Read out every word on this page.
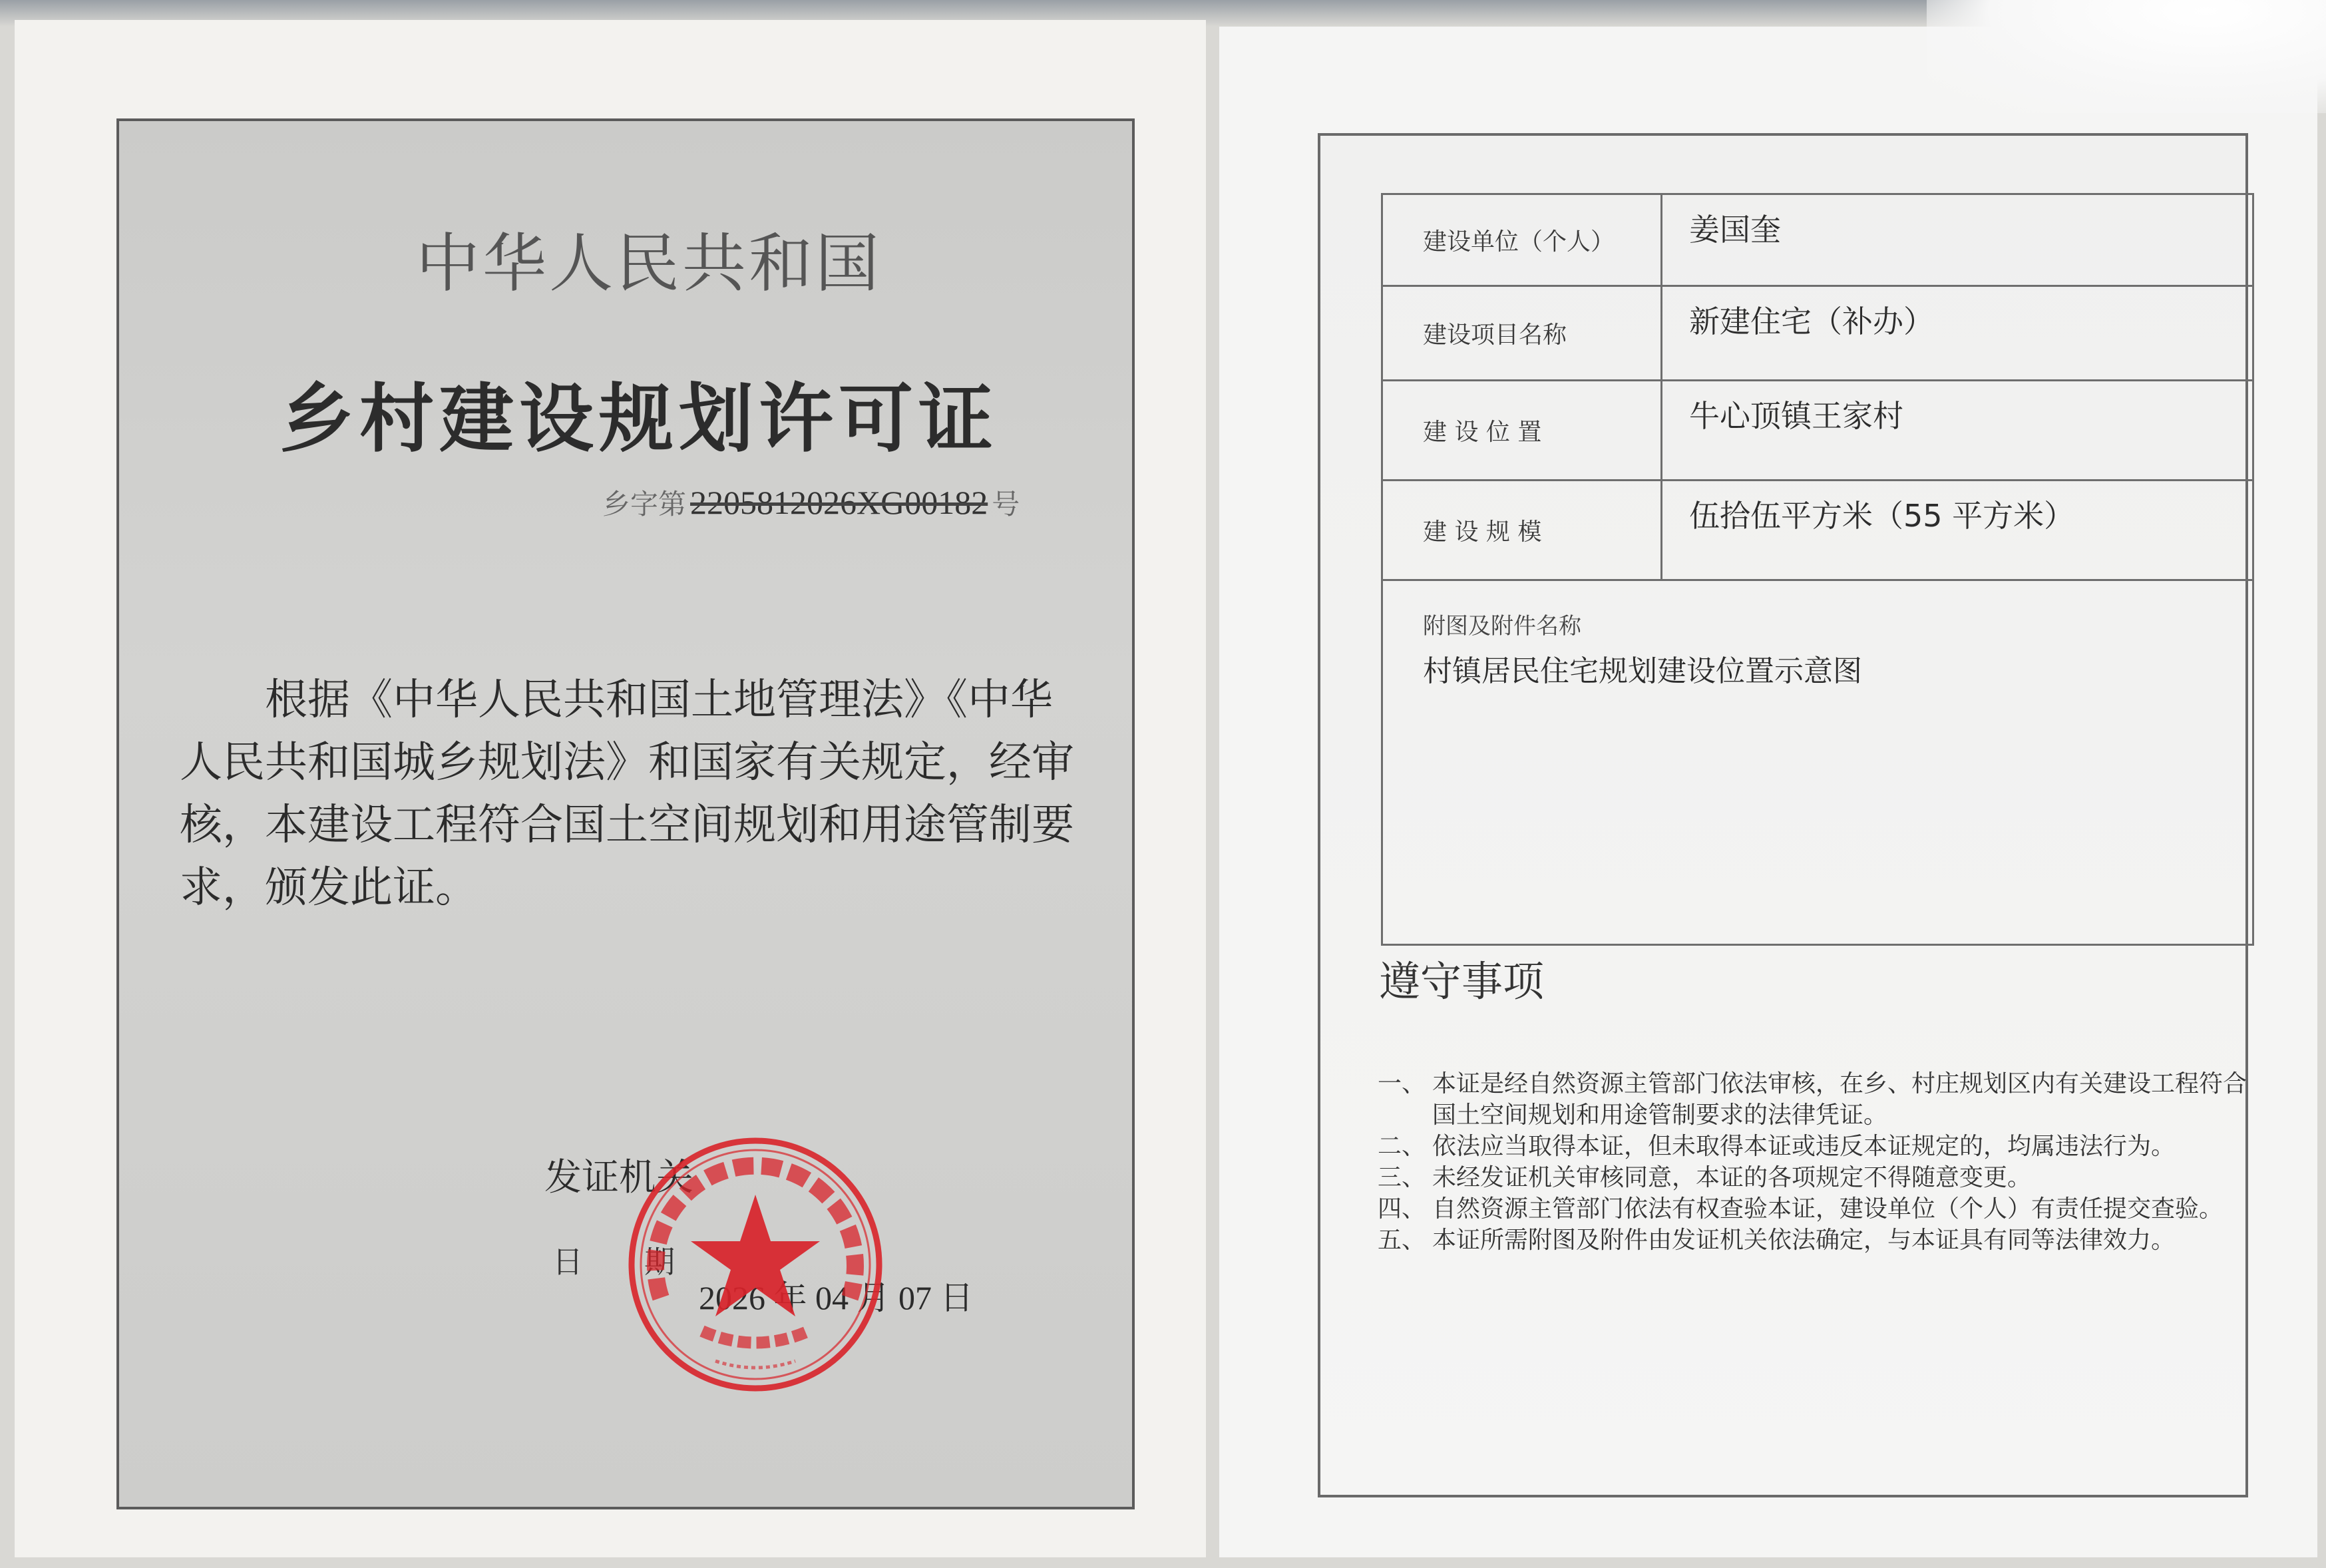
中华人民共和国
乡村建设规划许可证
乡字第 2205812026XG00182 号
根据《中华人民共和国土地管理法》《中华人民共和国城乡规划法》和国家有关规定，经审核，本建设工程符合国土空间规划和用途管制要求，颁发此证。
发证机关
日　　期
2026 年 04 月 07 日
建设单位（个人）	姜国奎
建设项目名称	新建住宅（补办）
建 设 位 置	牛心顶镇王家村
建 设 规 模	伍拾伍平方米（55 平方米）

附图及附件名称
村镇居民住宅规划建设位置示意图	
遵守事项
一、 本证是经自然资源主管部门依法审核，在乡、村庄规划区内有关建设工程符合国土空间规划和用途管制要求的法律凭证。
二、 依法应当取得本证，但未取得本证或违反本证规定的，均属违法行为。
三、 未经发证机关审核同意，本证的各项规定不得随意变更。
四、 自然资源主管部门依法有权查验本证，建设单位（个人）有责任提交查验。
五、 本证所需附图及附件由发证机关依法确定，与本证具有同等法律效力。
